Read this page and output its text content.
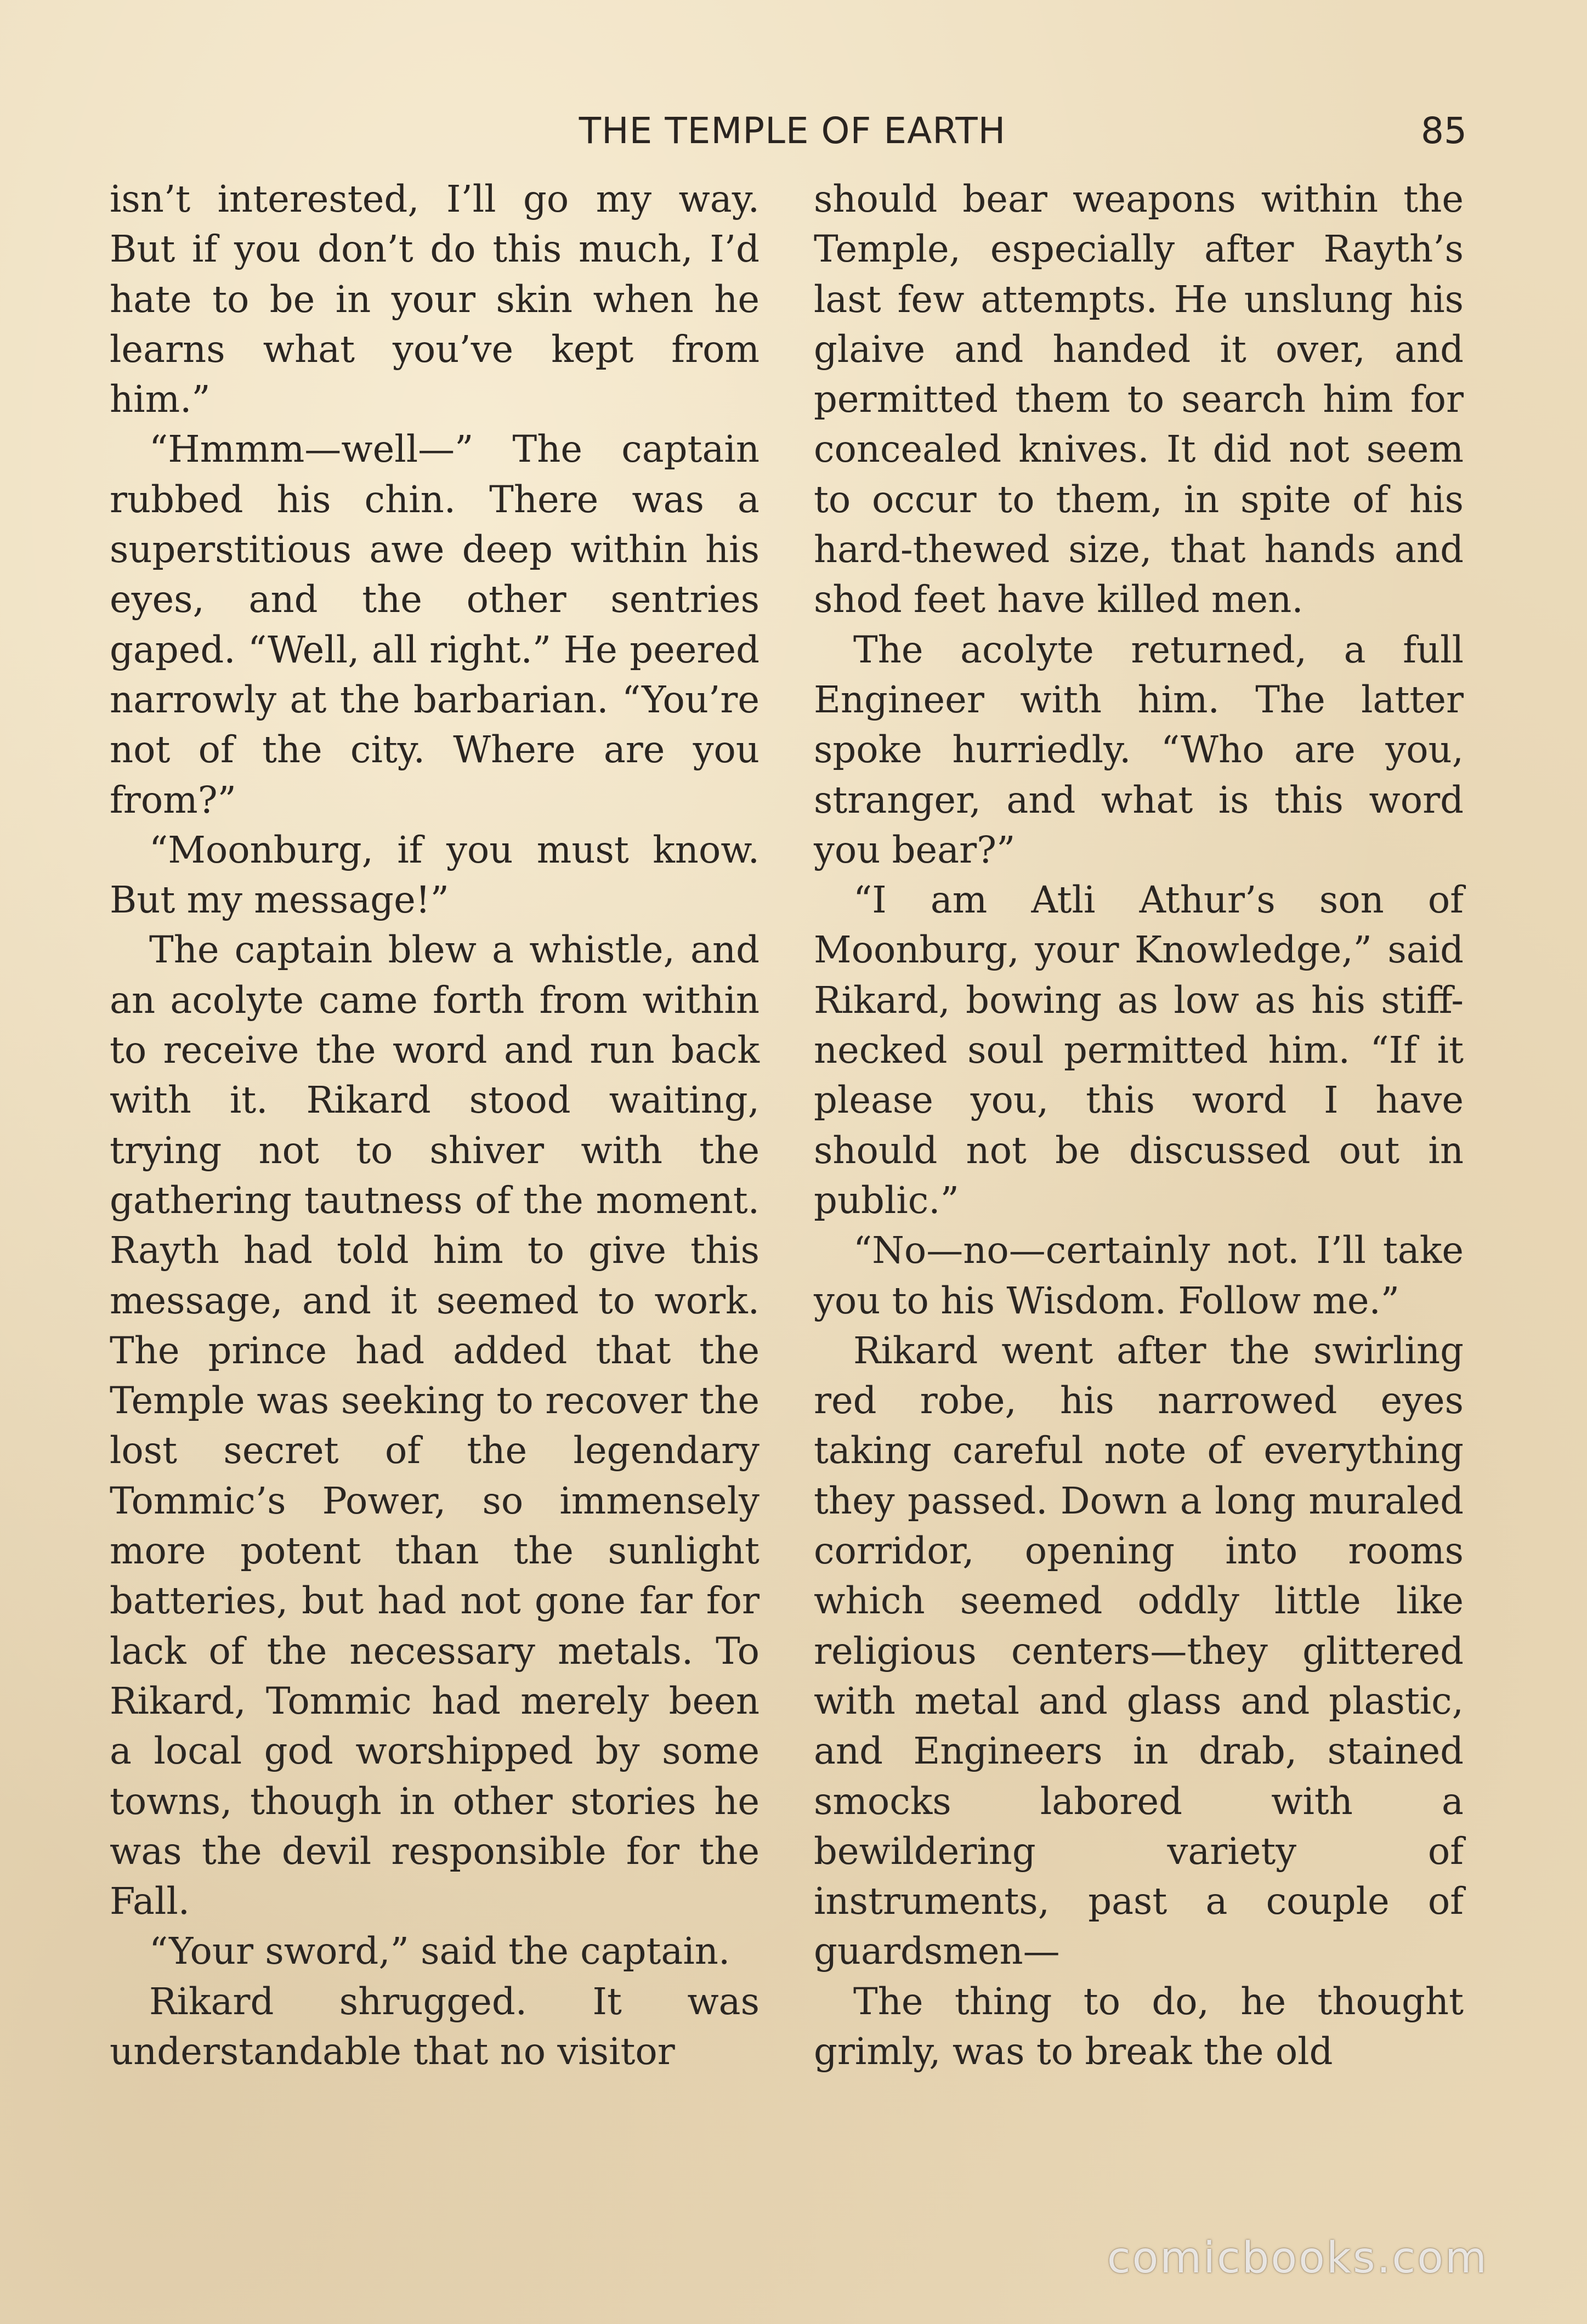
THE TEMPLE OF EARTH	85

isn’t interested, I’ll go my way. But if you don’t do this much, I’d hate to be in your skin when he learns what you’ve kept from him.”

“Hmmm—well—” The captain rubbed his chin. There was a superstitious awe deep within his eyes, and the other sentries gaped. “Well, all right.” He peered narrowly at the barbarian. “You’re not of the city. Where are you from?”

“Moonburg, if you must know. But my message!”

The captain blew a whistle, and an acolyte came forth from within to receive the word and run back with it. Rikard stood waiting, trying not to shiver with the gathering tautness of the moment. Rayth had told him to give this message, and it seemed to work. The prince had added that the Temple was seeking to recover the lost secret of the legendary Tommic’s Power, so immensely more potent than the sunlight batteries, but had not gone far for lack of the necessary metals. To Rikard, Tommic had merely been a local god worshipped by some towns, though in other stories he was the devil responsible for the Fall.

“Your sword,” said the captain.

Rikard shrugged. It was understandable that no visitor

should bear weapons within the Temple, especially after Rayth’s last few attempts. He unslung his glaive and handed it over, and permitted them to search him for concealed knives. It did not seem to occur to them, in spite of his hard-thewed size, that hands and shod feet have killed men.

The acolyte returned, a full Engineer with him. The latter spoke hurriedly. “Who are you, stranger, and what is this word you bear?”

“I am Atli Athur’s son of Moonburg, your Knowledge,” said Rikard, bowing as low as his stiff-necked soul permitted him. “If it please you, this word I have should not be discussed out in public.”

“No—no—certainly not. I’ll take you to his Wisdom. Follow me.”

Rikard went after the swirling red robe, his narrowed eyes taking careful note of everything they passed. Down a long muraled corridor, opening into rooms which seemed oddly little like religious centers—they glittered with metal and glass and plastic, and Engineers in drab, stained smocks labored with a bewildering variety of instruments, past a couple of guardsmen—

The thing to do, he thought grimly, was to break the old

comicbooks.com
